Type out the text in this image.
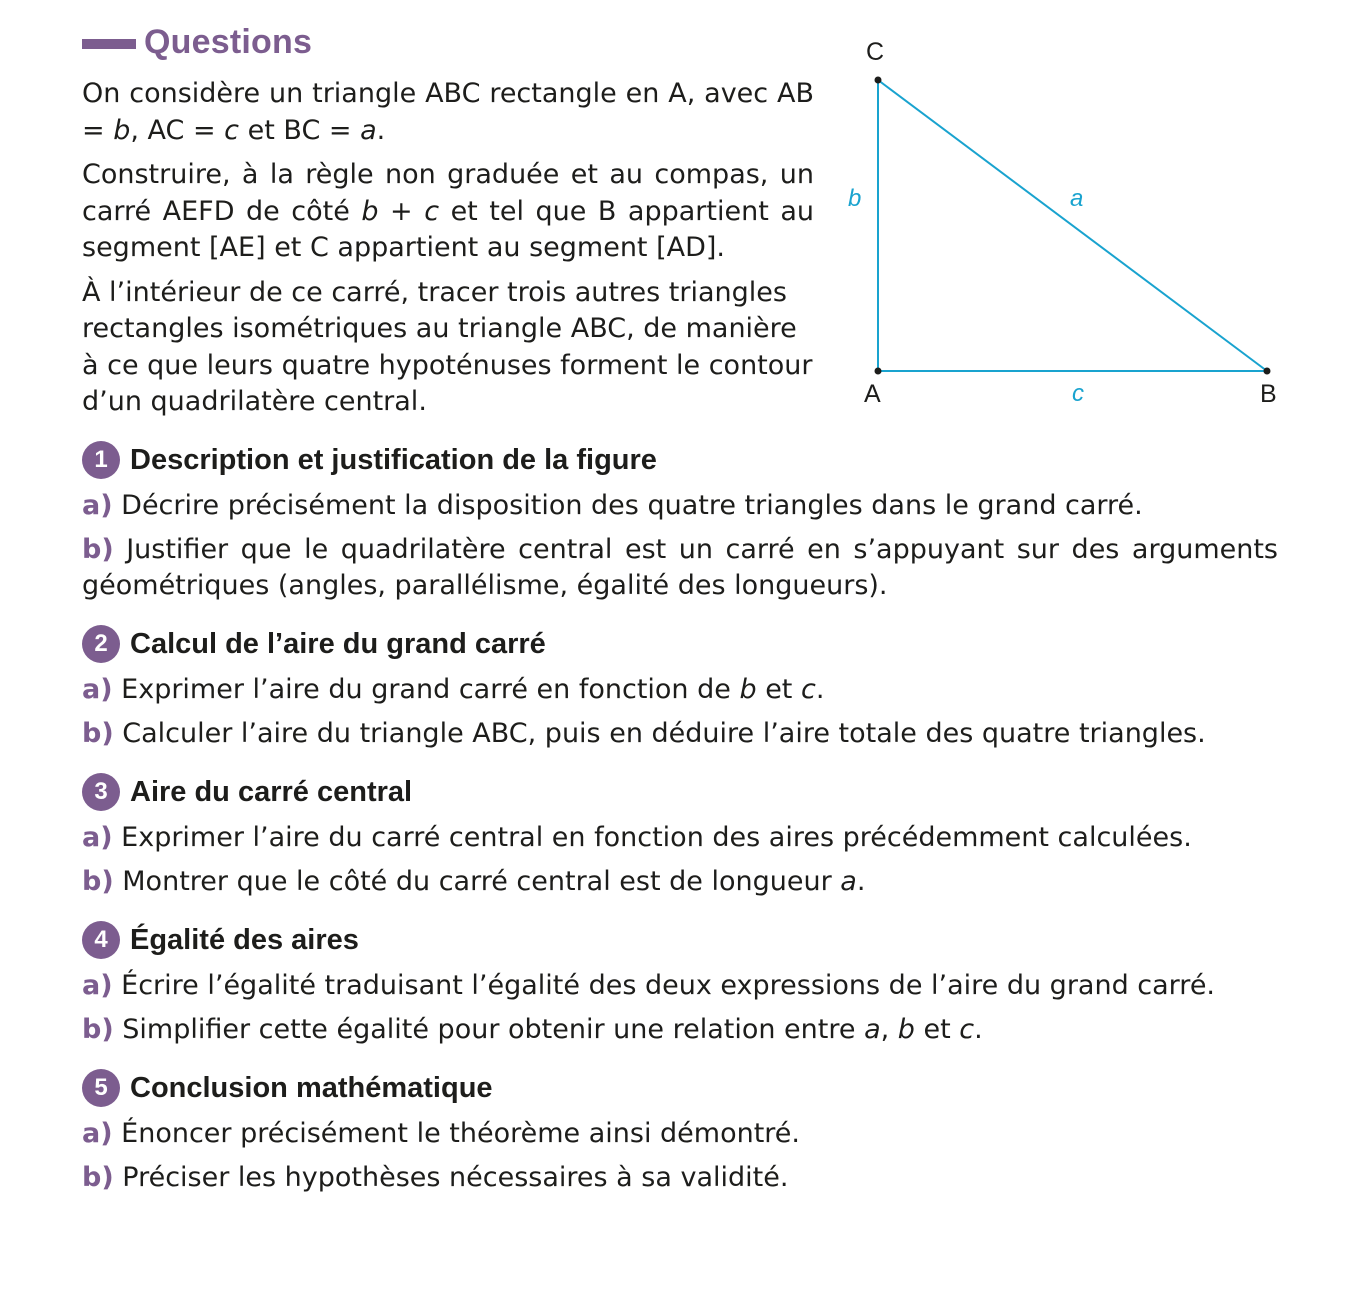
Questions

On considère un triangle ABC rectangle en A, avec AB = b, AC = c et BC = a.

Construire, à la règle non graduée et au compas, un carré AEFD de côté b + c et tel que B appartient au segment [AE] et C appartient au segment [AD].

À l’intérieur de ce carré, tracer trois autres triangles rectangles isométriques au triangle ABC, de manière à ce que leurs quatre hypoténuses forment le contour d’un quadrilatère central.

C
A	B
b	a
c
1 Description et justification de la figure
a) Décrire précisément la disposition des quatre triangles dans le grand carré.
b) Justifier que le quadrilatère central est un carré en s’appuyant sur des arguments géométriques (angles, parallélisme, égalité des longueurs).
2 Calcul de l’aire du grand carré
a) Exprimer l’aire du grand carré en fonction de b et c.
b) Calculer l’aire du triangle ABC, puis en déduire l’aire totale des quatre triangles.
3 Aire du carré central
a) Exprimer l’aire du carré central en fonction des aires précédemment calculées.
b) Montrer que le côté du carré central est de longueur a.
4 Égalité des aires
a) Écrire l’égalité traduisant l’égalité des deux expressions de l’aire du grand carré.
b) Simplifier cette égalité pour obtenir une relation entre a, b et c.
5 Conclusion mathématique
a) Énoncer précisément le théorème ainsi démontré.
b) Préciser les hypothèses nécessaires à sa validité.
